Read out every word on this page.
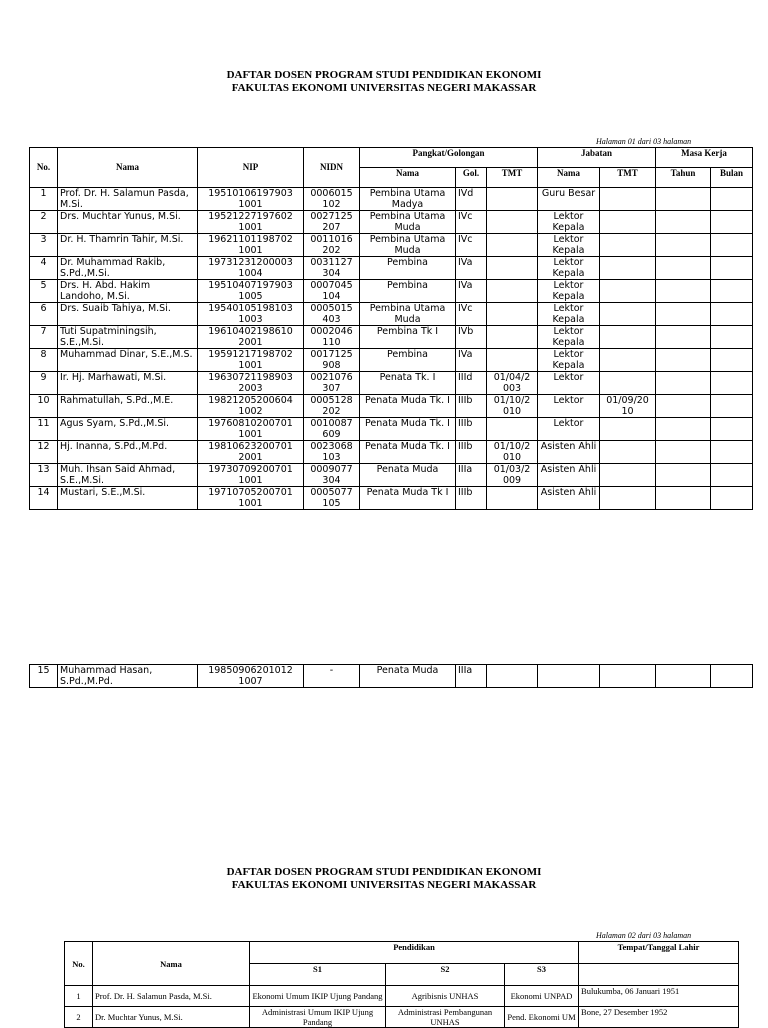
DAFTAR DOSEN PROGRAM STUDI PENDIDIKAN EKONOMI
FAKULTAS EKONOMI UNIVERSITAS NEGERI MAKASSAR
Halaman 01 dari 03 halaman
No.	Nama	NIP	NIDN	Pangkat/Golongan			Jabatan		Masa Kerja	
				Nama	Gol.	TMT	Nama	TMT	Tahun	Bulan
1	Prof. Dr. H. Salamun Pasda, M.Si.	19510106197903 1001	0006015 102	Pembina Utama Madya	IVd		Guru Besar			
2	Drs. Muchtar Yunus, M.Si.	19521227197602 1001	0027125 207	Pembina Utama Muda	IVc		Lektor Kepala			
3	Dr. H. Thamrin Tahir, M.Si.	19621101198702 1001	0011016 202	Pembina Utama Muda	IVc		Lektor Kepala			
4	Dr. Muhammad Rakib, S.Pd.,M.Si.	19731231200003 1004	0031127 304	Pembina	IVa		Lektor Kepala			
5	Drs. H. Abd. Hakim Landoho, M.Si.	19510407197903 1005	0007045 104	Pembina	IVa		Lektor Kepala			
6	Drs. Suaib Tahiya, M.Si.	19540105198103 1003	0005015 403	Pembina Utama Muda	IVc		Lektor Kepala			
7	Tuti Supatminingsih, S.E.,M.Si.	19610402198610 2001	0002046 110	Pembina Tk I	IVb		Lektor Kepala			
8	Muhammad Dinar, S.E.,M.S.	19591217198702 1001	0017125 908	Pembina	IVa		Lektor Kepala			
9	Ir. Hj. Marhawati, M.Si.	19630721198903 2003	0021076 307	Penata Tk. I	IIId	01/04/2 003	Lektor			
10	Rahmatullah, S.Pd.,M.E.	19821205200604 1002	0005128 202	Penata Muda Tk. I	IIIb	01/10/2 010	Lektor	01/09/20 10		
11	Agus Syam, S.Pd.,M.Si.	19760810200701 1001	0010087 609	Penata Muda Tk. I	IIIb		Lektor			
12	Hj. Inanna, S.Pd.,M.Pd.	19810623200701 2001	0023068 103	Penata Muda Tk. I	IIIb	01/10/2 010	Asisten Ahli			
13	Muh. Ihsan Said Ahmad, S.E.,M.Si.	19730709200701 1001	0009077 304	Penata Muda	IIIa	01/03/2 009	Asisten Ahli			
14	Mustari, S.E.,M.Si.	19710705200701 1001	0005077 105	Penata Muda Tk I	IIIb		Asisten Ahli			
15	Muhammad Hasan, S.Pd.,M.Pd.	19850906201012 1007	-	Penata Muda	IIIa					
DAFTAR DOSEN PROGRAM STUDI PENDIDIKAN EKONOMI
FAKULTAS EKONOMI UNIVERSITAS NEGERI MAKASSAR
Halaman 02 dari 03 halaman
No.	Nama	Pendidikan			Tempat/Tanggal Lahir
		S1	S2	S3	
1	Prof. Dr. H. Salamun Pasda, M.Si.	Ekonomi Umum IKIP Ujung Pandang	Agribisnis UNHAS	Ekonomi UNPAD	Bulukumba, 06 Januari 1951
2	Dr. Muchtar Yunus, M.Si.	Administrasi Umum IKIP Ujung Pandang	Administrasi Pembangunan UNHAS	Pend. Ekonomi UM	Bone, 27 Desember 1952
